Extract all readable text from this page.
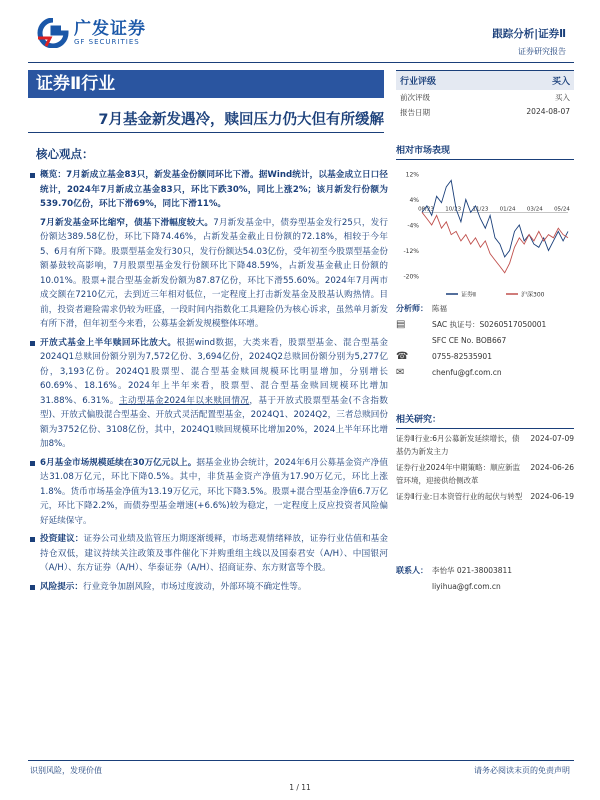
广发证券
GF SECURITIES
跟踪分析|证券Ⅱ
证券研究报告
证券Ⅱ行业
7月基金新发遇冷，赎回压力仍大但有所缓解
核心观点：
概览：7月新成立基金83只，新发基金份额同环比下滑。据Wind统计，以基金成立日口径统计，2024年7月新成立基金83只，环比下跌30%，同比上涨2%；该月新发行份额为539.70亿份，环比下滑69%，同比下滑11%。
7月新发基金环比缩窄，债基下滑幅度较大。7月新发基金中，债券型基金发行25只，发行份额达389.58亿份，环比下降74.46%，占新发基金截止日份额的72.18%，相较于今年5、6月有所下降。股票型基金发行30只，发行份额达54.03亿份，受年初至今股票型基金份额暴鼓较高影响，7月股票型基金发行份额环比下降48.59%，占新发基金截止日份额的10.01%。股票+混合型基金新发份额为87.87亿份，环比下滑55.60%。2024年7月两市成交额在7210亿元，去到近三年相对低位，一定程度上打击新发基金及股基认购热情。目前，投资者避险需求仍较为旺盛，一段时间内指数化工具避险仍为核心诉求，虽然单月新发有所下滑，但年初至今来看，公募基金新发规模整体环增。
开放式基金上半年赎回环比放大。根据wind数据，大类来看，股票型基金、混合型基金2024Q1总赎回份额分别为7,572亿份、3,694亿份，2024Q2总赎回份额分别为5,277亿份，3,193亿份。2024Q1股票型、混合型基金赎回规模环比明显增加，分别增长60.69%、18.16%。2024年上半年来看，股票型、混合型基金赎回规模环比增加31.88%、6.31%。主动型基金2024年以来赎回情况，基于开放式股票型基金(不含指数型)、开放式偏股混合型基金、开放式灵活配置型基金，2024Q1、2024Q2，三者总赎回份额为3752亿份、3108亿份，其中，2024Q1赎回规模环比增加20%，2024上半年环比增加8%。
6月基金市场规模延续在30万亿元以上。据基金业协会统计，2024年6月公募基金资产净值达31.08万亿元，环比下降0.5%。其中，非货基金资产净值为17.90万亿元，环比上涨1.8%。货币市场基金净值为13.19万亿元，环比下降3.5%。股票+混合型基金净值6.7万亿元，环比下降2.2%，而债券型基金增速(+6.6%)较为稳定，一定程度上反应投资者风险偏好延续保守。
投资建议：证券公司业绩及监管压力期逐渐缓释，市场悲观情绪释放，证券行业估值和基金持仓双低，建议持续关注政策及事件催化下并购重组主线以及国泰君安（A/H）、中国银河（A/H）、东方证券（A/H）、华泰证券（A/H）、招商证券、东方财富等个股。
风险提示：行业竞争加剧风险，市场过度波动，外部环境不确定性等。
行业评级	买入
前次评级	买入
报告日期	2024-08-07
相对市场表现
12%
4%
-4%
-12%
-20%
08/23 10/23 11/23 01/24 03/24 05/24
证券Ⅱ	沪深300
分析师： 陈福
▤	SAC 执证号：S0260517050001
SFC CE No. BOB667
☎	0755-82535901
✉	chenfu@gf.com.cn
相关研究：
证券Ⅱ行业:6月公募新发延续增长，债基仍为新发主力
2024-07-09
证券行业2024年中期策略：顺应新监管环境，迎接供给侧改革
2024-06-26
证券Ⅱ行业:日本资管行业的起伏与转型 2024-06-19
联系人： 李怡华 021-38003811
liyihua@gf.com.cn
识别风险，发现价值	请务必阅读末页的免责声明
1 / 11
